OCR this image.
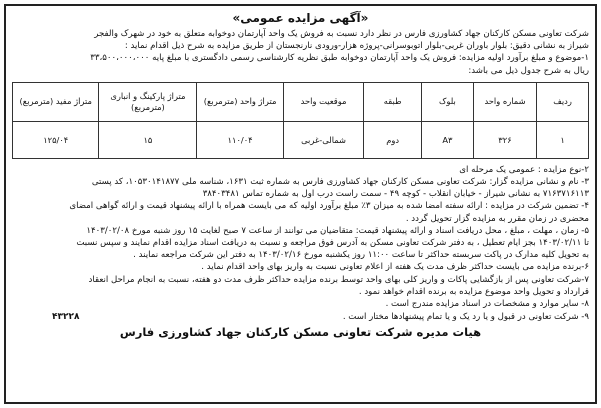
«آگهی مزایده عمومی»

شرکت تعاونی مسکن کارکنان جهاد کشاورزی فارس در نظر دارد نسبت به فروش یک واحد آپارتمان دوخوابه متعلق به خود در شهرک والفجر

شیراز به نشانی دقیق: بلوار باوران غربی-بلوار اتوبوسرانی-پروژه هزار-ورودی نارنجستان از طریق مزایده به شرح ذیل اقدام نماید :

۱-موضوع و مبلغ برآورد اولیه مزایده: فروش یک واحد آپارتمان دوخوابه طبق نظریه کارشناسی رسمی دادگستری با مبلغ پایه ۳۳،۵۰۰،۰۰۰،۰۰۰

ریال به شرح جدول ذیل می باشد:

ردیف	شماره واحد	بلوک	طبقه	موقعیت واحد	متراژ واحد (مترمربع)	متراژ پارکینگ و انباری (مترمربع)	متراژ مفید (مترمربع)
۱	۳۲۶	A۳	دوم	شمالی-غربی	۱۱۰/۰۴	۱۵	۱۲۵/۰۴

۲-نوع مزایده : عمومی یک مرحله ای

۳- نام و نشانی مزایده گزار: شرکت تعاونی مسکن کارکنان جهاد کشاورزی فارس به شماره ثبت ۱۶۳۱، شناسه ملی ۱۰۵۳۰۱۴۱۸۷۷، کد پستی

۷۱۶۳۷۱۶۱۱۳ به نشانی شیراز - خیابان انقلاب - کوچه ۴۹ - سمت راست درب اول به شماره تماس ۳۸۴۰۳۴۸۱

۴- تضمین شرکت در مزایده : ارائه سفته امضا شده به میزان ۳٪ مبلغ برآورد اولیه که می بایست همراه با ارائه پیشنهاد قیمت و ارائه گواهی امضای

محضری در زمان مقرر به مزایده گزار تحویل گردد .

۵- زمان ، مهلت ، مبلغ ، محل دریافت اسناد و ارائه پیشنهاد قیمت: متقاضیان می توانند از ساعت ۷ صبح لغایت ۱۵ روز شنبه مورخ ۱۴۰۳/۰۲/۰۸

تا ۱۴۰۳/۰۲/۱۱ بجز ایام تعطیل ، به دفتر شرکت تعاونی مسکن به آدرس فوق مراجعه و نسبت به دریافت اسناد مزایده اقدام نمایند و سپس نسبت

به تحویل کلیه مدارک در پاکت سربسته حداکثر تا ساعت ۱۱:۰۰ روز یکشنبه مورخ ۱۴۰۳/۰۲/۱۶ به دفتر این شرکت مراجعه نمایند .

۶-برنده مزایده می بایست حداکثر ظرف مدت یک هفته از اعلام تعاونی نسبت به واریز بهای واحد اقدام نماید .

۷-شرکت تعاونی پس از بازگشایی پاکات و واریز کلی بهای واحد توسط برنده مزایده حداکثر ظرف مدت دو هفته، نسبت به انجام مراحل انعقاد

قرارداد و تحویل واحد موضوع مزایده به برنده اقدام خواهد نمود .

۸- سایر موارد و مشخصات در اسناد مزایده مندرج است .

۹- شرکت تعاونی در قبول و یا رد یک و یا تمام پیشنهادها مختار است .

۴۳۲۲۸
هیات مدیره شرکت تعاونی مسکن کارکنان جهاد کشاورزی فارس
